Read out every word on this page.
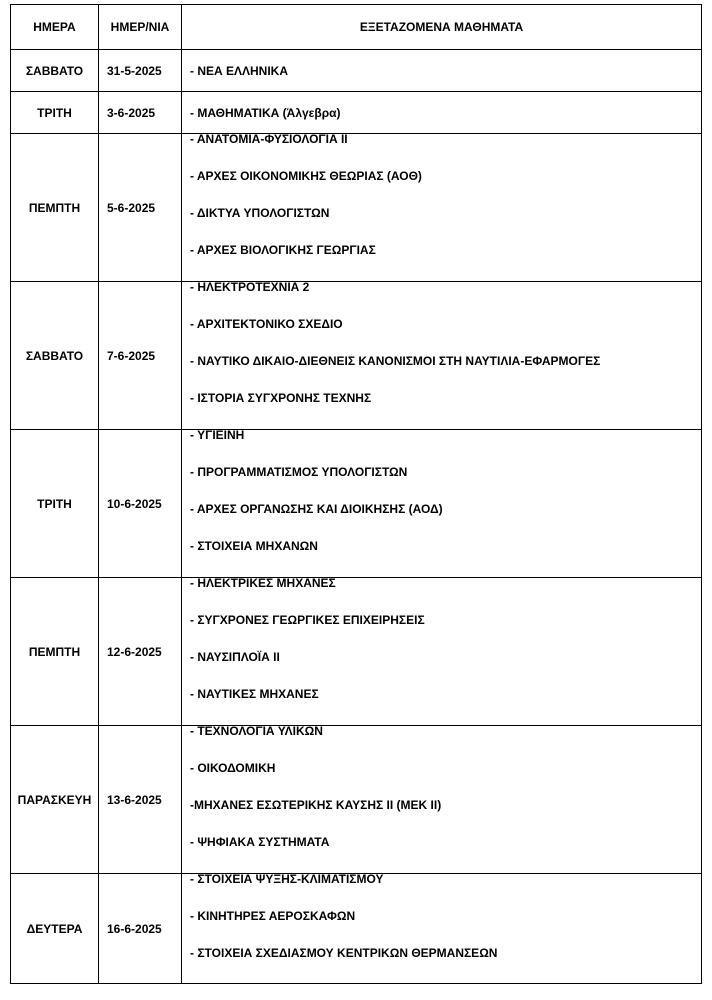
ΗΜΕΡΑ	ΗΜΕΡ/ΝΙΑ	ΕΞΕΤΑΖΟΜΕΝΑ ΜΑΘΗΜΑΤΑ
ΣΑΒΒΑΤΟ	31-5-2025	- ΝΕΑ ΕΛΛΗΝΙΚΑ

ΤΡΙΤΗ	3-6-2025	- ΜΑΘΗΜΑΤΙΚΑ (Άλγεβρα)

ΠΕΜΠΤΗ	5-6-2025	- ΑΝΑΤΟΜΙΑ-ΦΥΣΙΟΛΟΓΙΑ ΙΙ
- ΑΡΧΕΣ ΟΙΚΟΝΟΜΙΚΗΣ ΘΕΩΡΙΑΣ (ΑΟΘ)
- ΔΙΚΤΥΑ ΥΠΟΛΟΓΙΣΤΩΝ
- ΑΡΧΕΣ ΒΙΟΛΟΓΙΚΗΣ ΓΕΩΡΓΙΑΣ

ΣΑΒΒΑΤΟ	7-6-2025	- ΗΛΕΚΤΡΟΤΕΧΝΙΑ 2
- ΑΡΧΙΤΕΚΤΟΝΙΚΟ ΣΧΕΔΙΟ
- ΝΑΥΤΙΚΟ ΔΙΚΑΙΟ-ΔΙΕΘΝΕΙΣ ΚΑΝΟΝΙΣΜΟΙ ΣΤΗ ΝΑΥΤΙΛΙΑ-ΕΦΑΡΜΟΓΕΣ
- ΙΣΤΟΡΙΑ ΣΥΓΧΡΟΝΗΣ ΤΕΧΝΗΣ

ΤΡΙΤΗ	10-6-2025	- ΥΓΙΕΙΝΗ
- ΠΡΟΓΡΑΜΜΑΤΙΣΜΟΣ ΥΠΟΛΟΓΙΣΤΩΝ
- ΑΡΧΕΣ ΟΡΓΑΝΩΣΗΣ ΚΑΙ ΔΙΟΙΚΗΣΗΣ (ΑΟΔ)
- ΣΤΟΙΧΕΙΑ ΜΗΧΑΝΩΝ

ΠΕΜΠΤΗ	12-6-2025	- ΗΛΕΚΤΡΙΚΕΣ ΜΗΧΑΝΕΣ
- ΣΥΓΧΡΟΝΕΣ ΓΕΩΡΓΙΚΕΣ ΕΠΙΧΕΙΡΗΣΕΙΣ
- ΝΑΥΣΙΠΛΟΪΑ ΙΙ
- ΝΑΥΤΙΚΕΣ ΜΗΧΑΝΕΣ

ΠΑΡΑΣΚΕΥΗ	13-6-2025	- ΤΕΧΝΟΛΟΓΙΑ ΥΛΙΚΩΝ
- ΟΙΚΟΔΟΜΙΚΗ
-ΜΗΧΑΝΕΣ ΕΣΩΤΕΡΙΚΗΣ ΚΑΥΣΗΣ ΙΙ (ΜΕΚ ΙΙ)
- ΨΗΦΙΑΚΑ ΣΥΣΤΗΜΑΤΑ

ΔΕΥΤΕΡΑ	16-6-2025	- ΣΤΟΙΧΕΙΑ ΨΥΞΗΣ-ΚΛΙΜΑΤΙΣΜΟΥ
- ΚΙΝΗΤΗΡΕΣ ΑΕΡΟΣΚΑΦΩΝ
- ΣΤΟΙΧΕΙΑ ΣΧΕΔΙΑΣΜΟΥ ΚΕΝΤΡΙΚΩΝ ΘΕΡΜΑΝΣΕΩΝ
